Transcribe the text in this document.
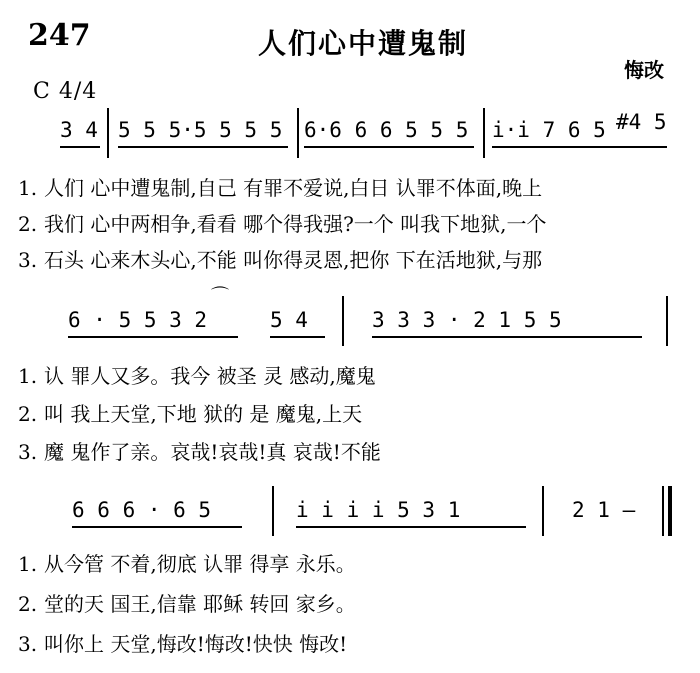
247	人们心中遭鬼制
悔改
C 4/4
3 4 5 5 5·5 5 5 5 6·6 6 6 5 5 5 i·i 7 6 5 #4 5
1. 人们 心中遭鬼制,自己 有罪不爱说,白日 认罪不体面,晚上
2. 我们 心中两相争,看看 哪个得我强?一个 叫我下地狱,一个
3. 石头 心来木头心,不能 叫你得灵恩,把你 下在活地狱,与那
⌒
6 · 5 5 3 2	5 4	3 3 3 · 2 1 5 5
1. 认 罪人又多。我今 被圣 灵 感动,魔鬼
2. 叫 我上天堂,下地 狱的 是 魔鬼,上天
3. 魔 鬼作了亲。哀哉!哀哉!真 哀哉!不能
6 6 6 · 6 5	i i i i 5 3 1	2 1 —
1. 从今管 不着,彻底 认罪 得享 永乐。
2. 堂的天 国王,信靠 耶稣 转回 家乡。
3. 叫你上 天堂,悔改!悔改!快快 悔改!
